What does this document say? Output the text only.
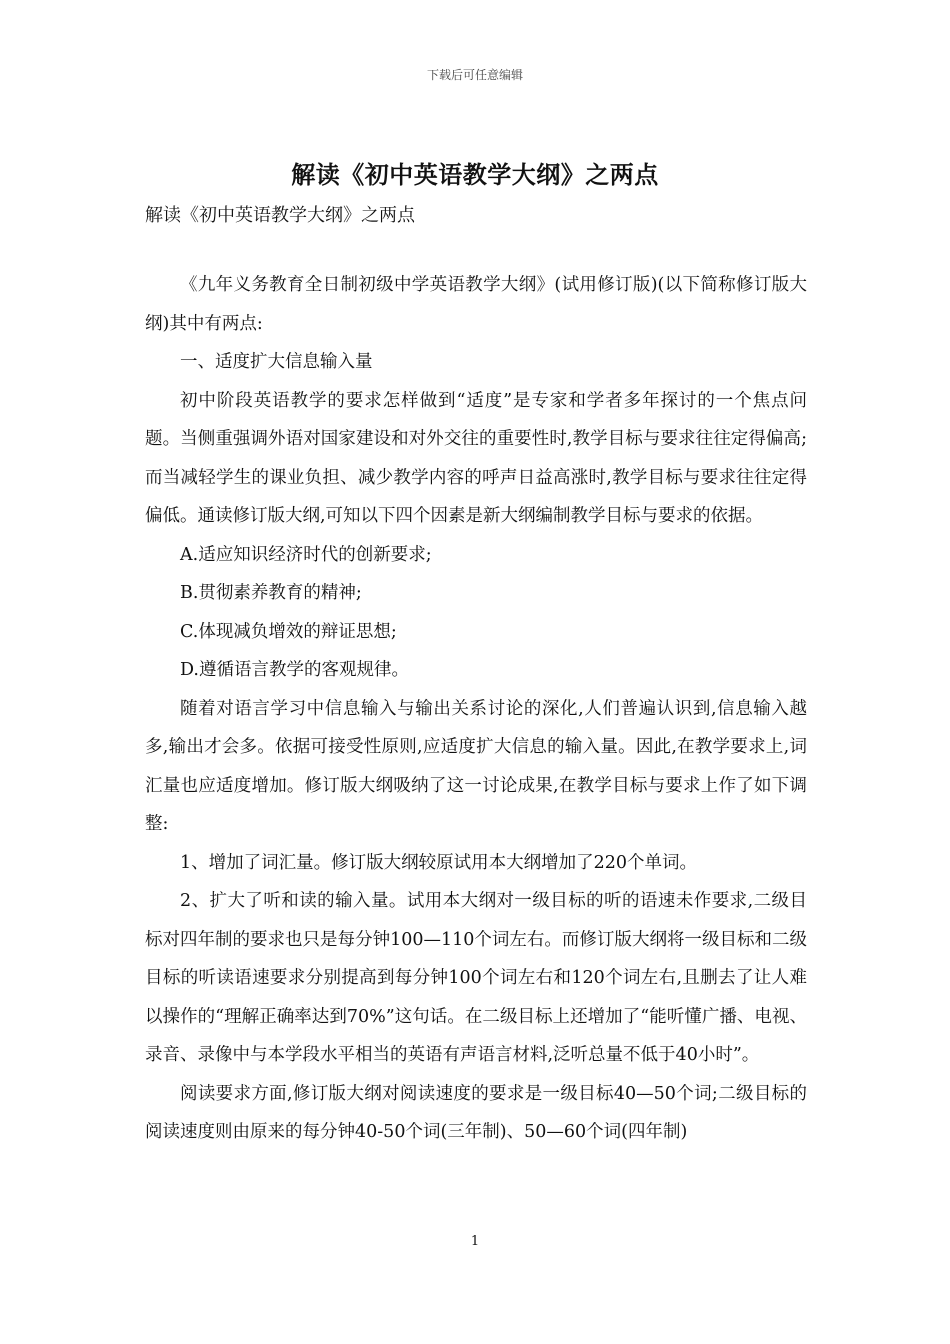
下载后可任意编辑
解读《初中英语教学大纲》之两点
解读《初中英语教学大纲》之两点

《九年义务教育全日制初级中学英语教学大纲》(试用修订版)(以下简称修订版大纲)其中有两点:

一、适度扩大信息输入量

初中阶段英语教学的要求怎样做到“适度”是专家和学者多年探讨的一个焦点问题。当侧重强调外语对国家建设和对外交往的重要性时,教学目标与要求往往定得偏高;而当减轻学生的课业负担、减少教学内容的呼声日益高涨时,教学目标与要求往往定得偏低。通读修订版大纲,可知以下四个因素是新大纲编制教学目标与要求的依据。

A.适应知识经济时代的创新要求;

B.贯彻素养教育的精神;

C.体现减负增效的辩证思想;

D.遵循语言教学的客观规律。

随着对语言学习中信息输入与输出关系讨论的深化,人们普遍认识到,信息输入越多,输出才会多。依据可接受性原则,应适度扩大信息的输入量。因此,在教学要求上,词汇量也应适度增加。修订版大纲吸纳了这一讨论成果,在教学目标与要求上作了如下调整:

1、增加了词汇量。修订版大纲较原试用本大纲增加了220个单词。

2、扩大了听和读的输入量。试用本大纲对一级目标的听的语速未作要求,二级目标对四年制的要求也只是每分钟100—110个词左右。而修订版大纲将一级目标和二级目标的听读语速要求分别提高到每分钟100个词左右和120个词左右,且删去了让人难以操作的“理解正确率达到70%”这句话。在二级目标上还增加了“能听懂广播、电视、录音、录像中与本学段水平相当的英语有声语言材料,泛听总量不低于40小时”。

阅读要求方面,修订版大纲对阅读速度的要求是一级目标40—50个词;二级目标的阅读速度则由原来的每分钟40-50个词(三年制)、50—60个词(四年制)

1
